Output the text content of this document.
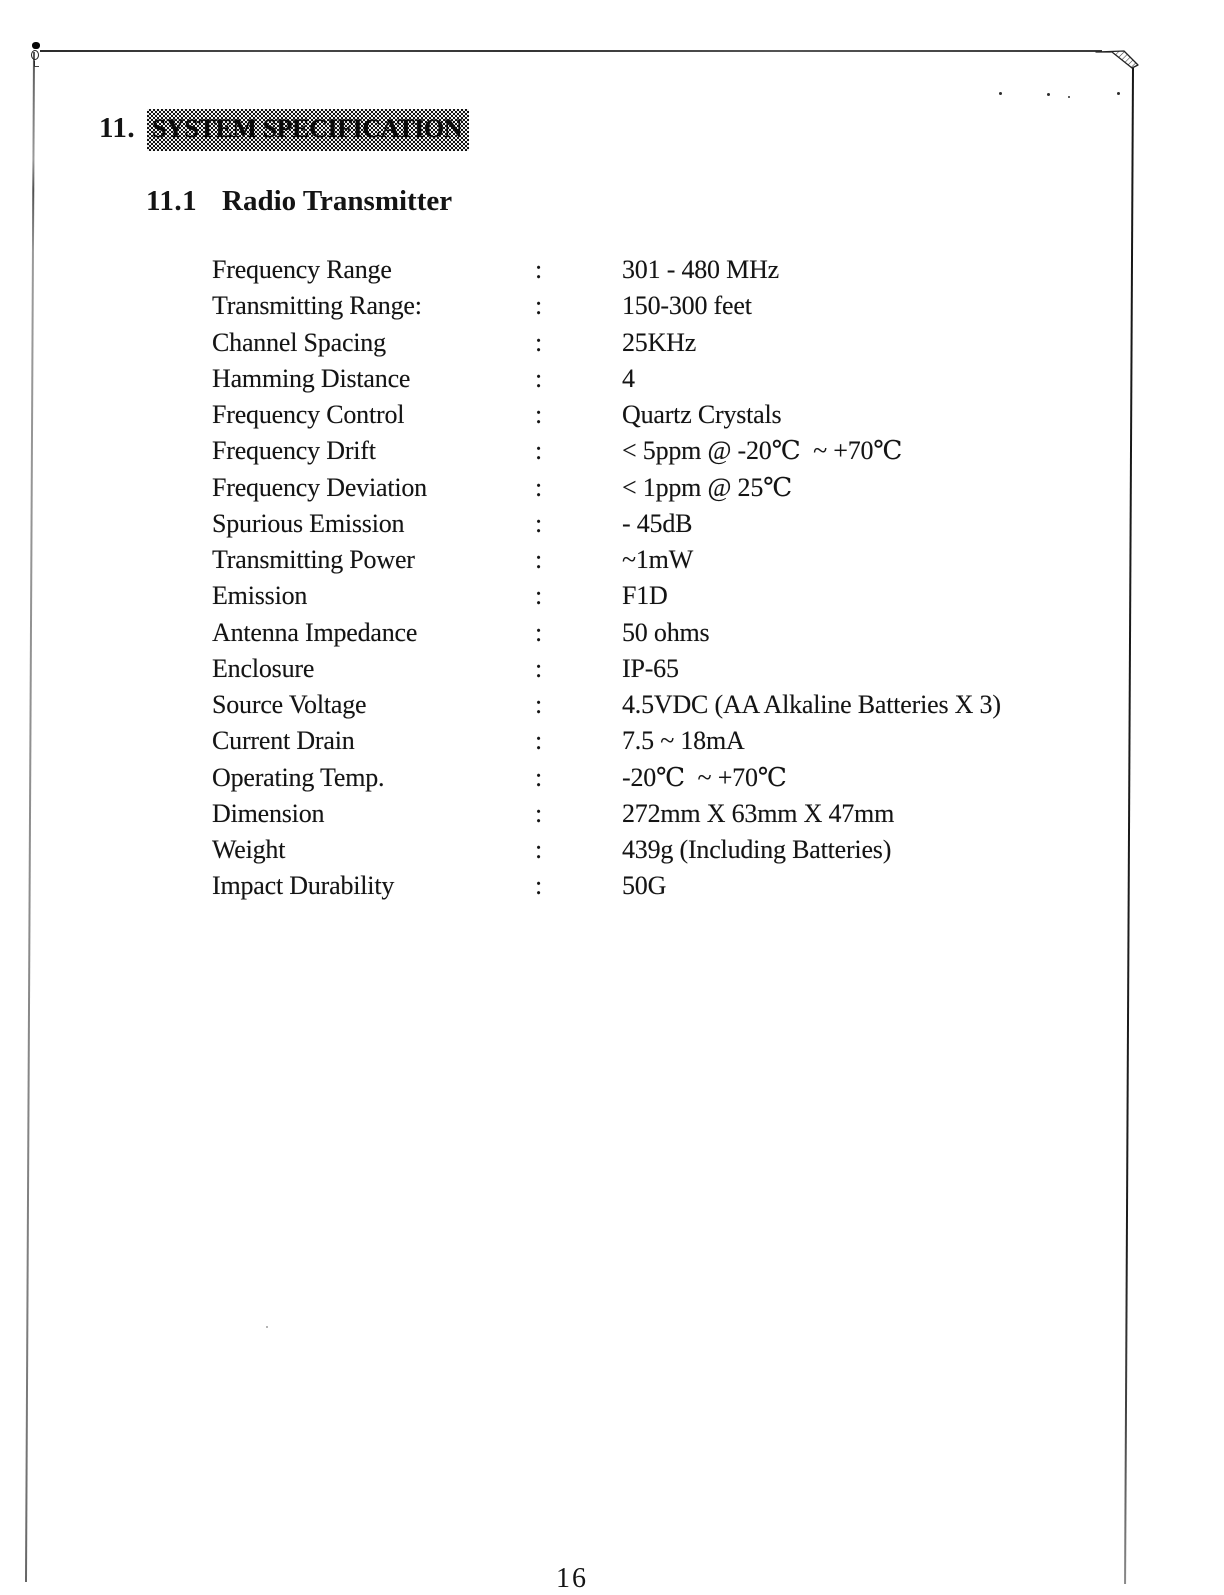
11. SYSTEM SPECIFICATION
11.1 Radio Transmitter
Frequency Range	:	301 - 480 MHz
Transmitting Range:	:	150-300 feet
Channel Spacing	:	25KHz
Hamming Distance	:	4
Frequency Control	:	Quartz Crystals
Frequency Drift	:	< 5ppm @ -20℃  ~ +70℃
Frequency Deviation	:	< 1ppm @ 25℃
Spurious Emission	:	- 45dB
Transmitting Power	:	~1mW
Emission	:	F1D
Antenna Impedance	:	50 ohms
Enclosure	:	IP-65
Source Voltage	:	4.5VDC (AA Alkaline Batteries X 3)
Current Drain	:	7.5 ~ 18mA
Operating Temp.	:	-20℃  ~ +70℃
Dimension	:	272mm X 63mm X 47mm
Weight	:	439g (Including Batteries)
Impact Durability	:	50G
16
